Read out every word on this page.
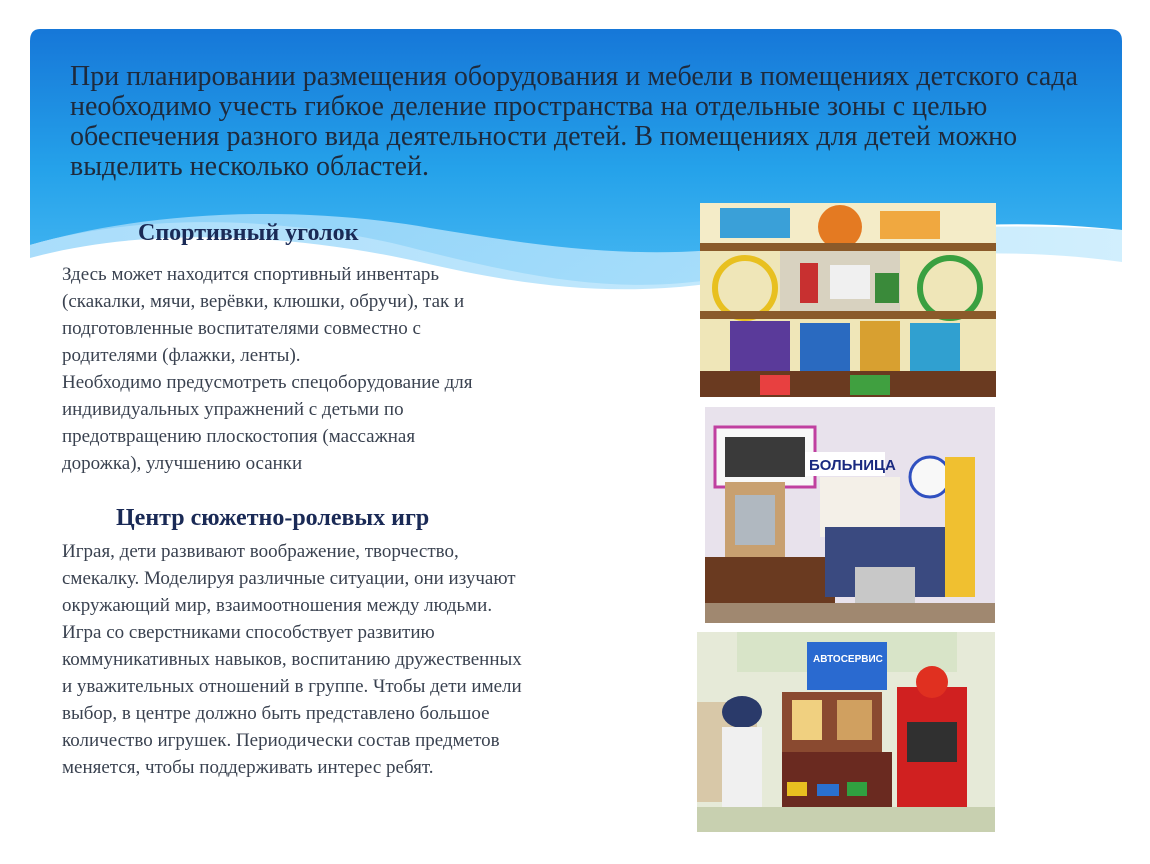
При планировании размещения оборудования и мебели в помещениях детского сада необходимо учесть гибкое деление пространства на отдельные зоны с целью обеспечения разного вида деятельности детей. В помещениях для детей можно выделить несколько областей.
Спортивный уголок
Здесь может находится спортивный инвентарь
(скакалки, мячи, верёвки, клюшки, обручи), так и
подготовленные воспитателями совместно с
родителями (флажки, ленты).
Необходимо предусмотреть спецоборудование для
индивидуальных упражнений с детьми по
предотвращению плоскостопия (массажная
дорожка), улучшению осанки
Центр сюжетно-ролевых игр
Играя, дети развивают воображение, творчество,
смекалку. Моделируя различные ситуации, они изучают
окружающий мир, взаимоотношения между людьми.
Игра со сверстниками способствует развитию
коммуникативных навыков, воспитанию дружественных
и уважительных отношений в группе. Чтобы дети имели
выбор, в центре должно быть представлено большое
количество игрушек. Периодически состав предметов
меняется, чтобы поддерживать интерес ребят.
БОЛЬНИЦА
АВТОСЕРВИС
